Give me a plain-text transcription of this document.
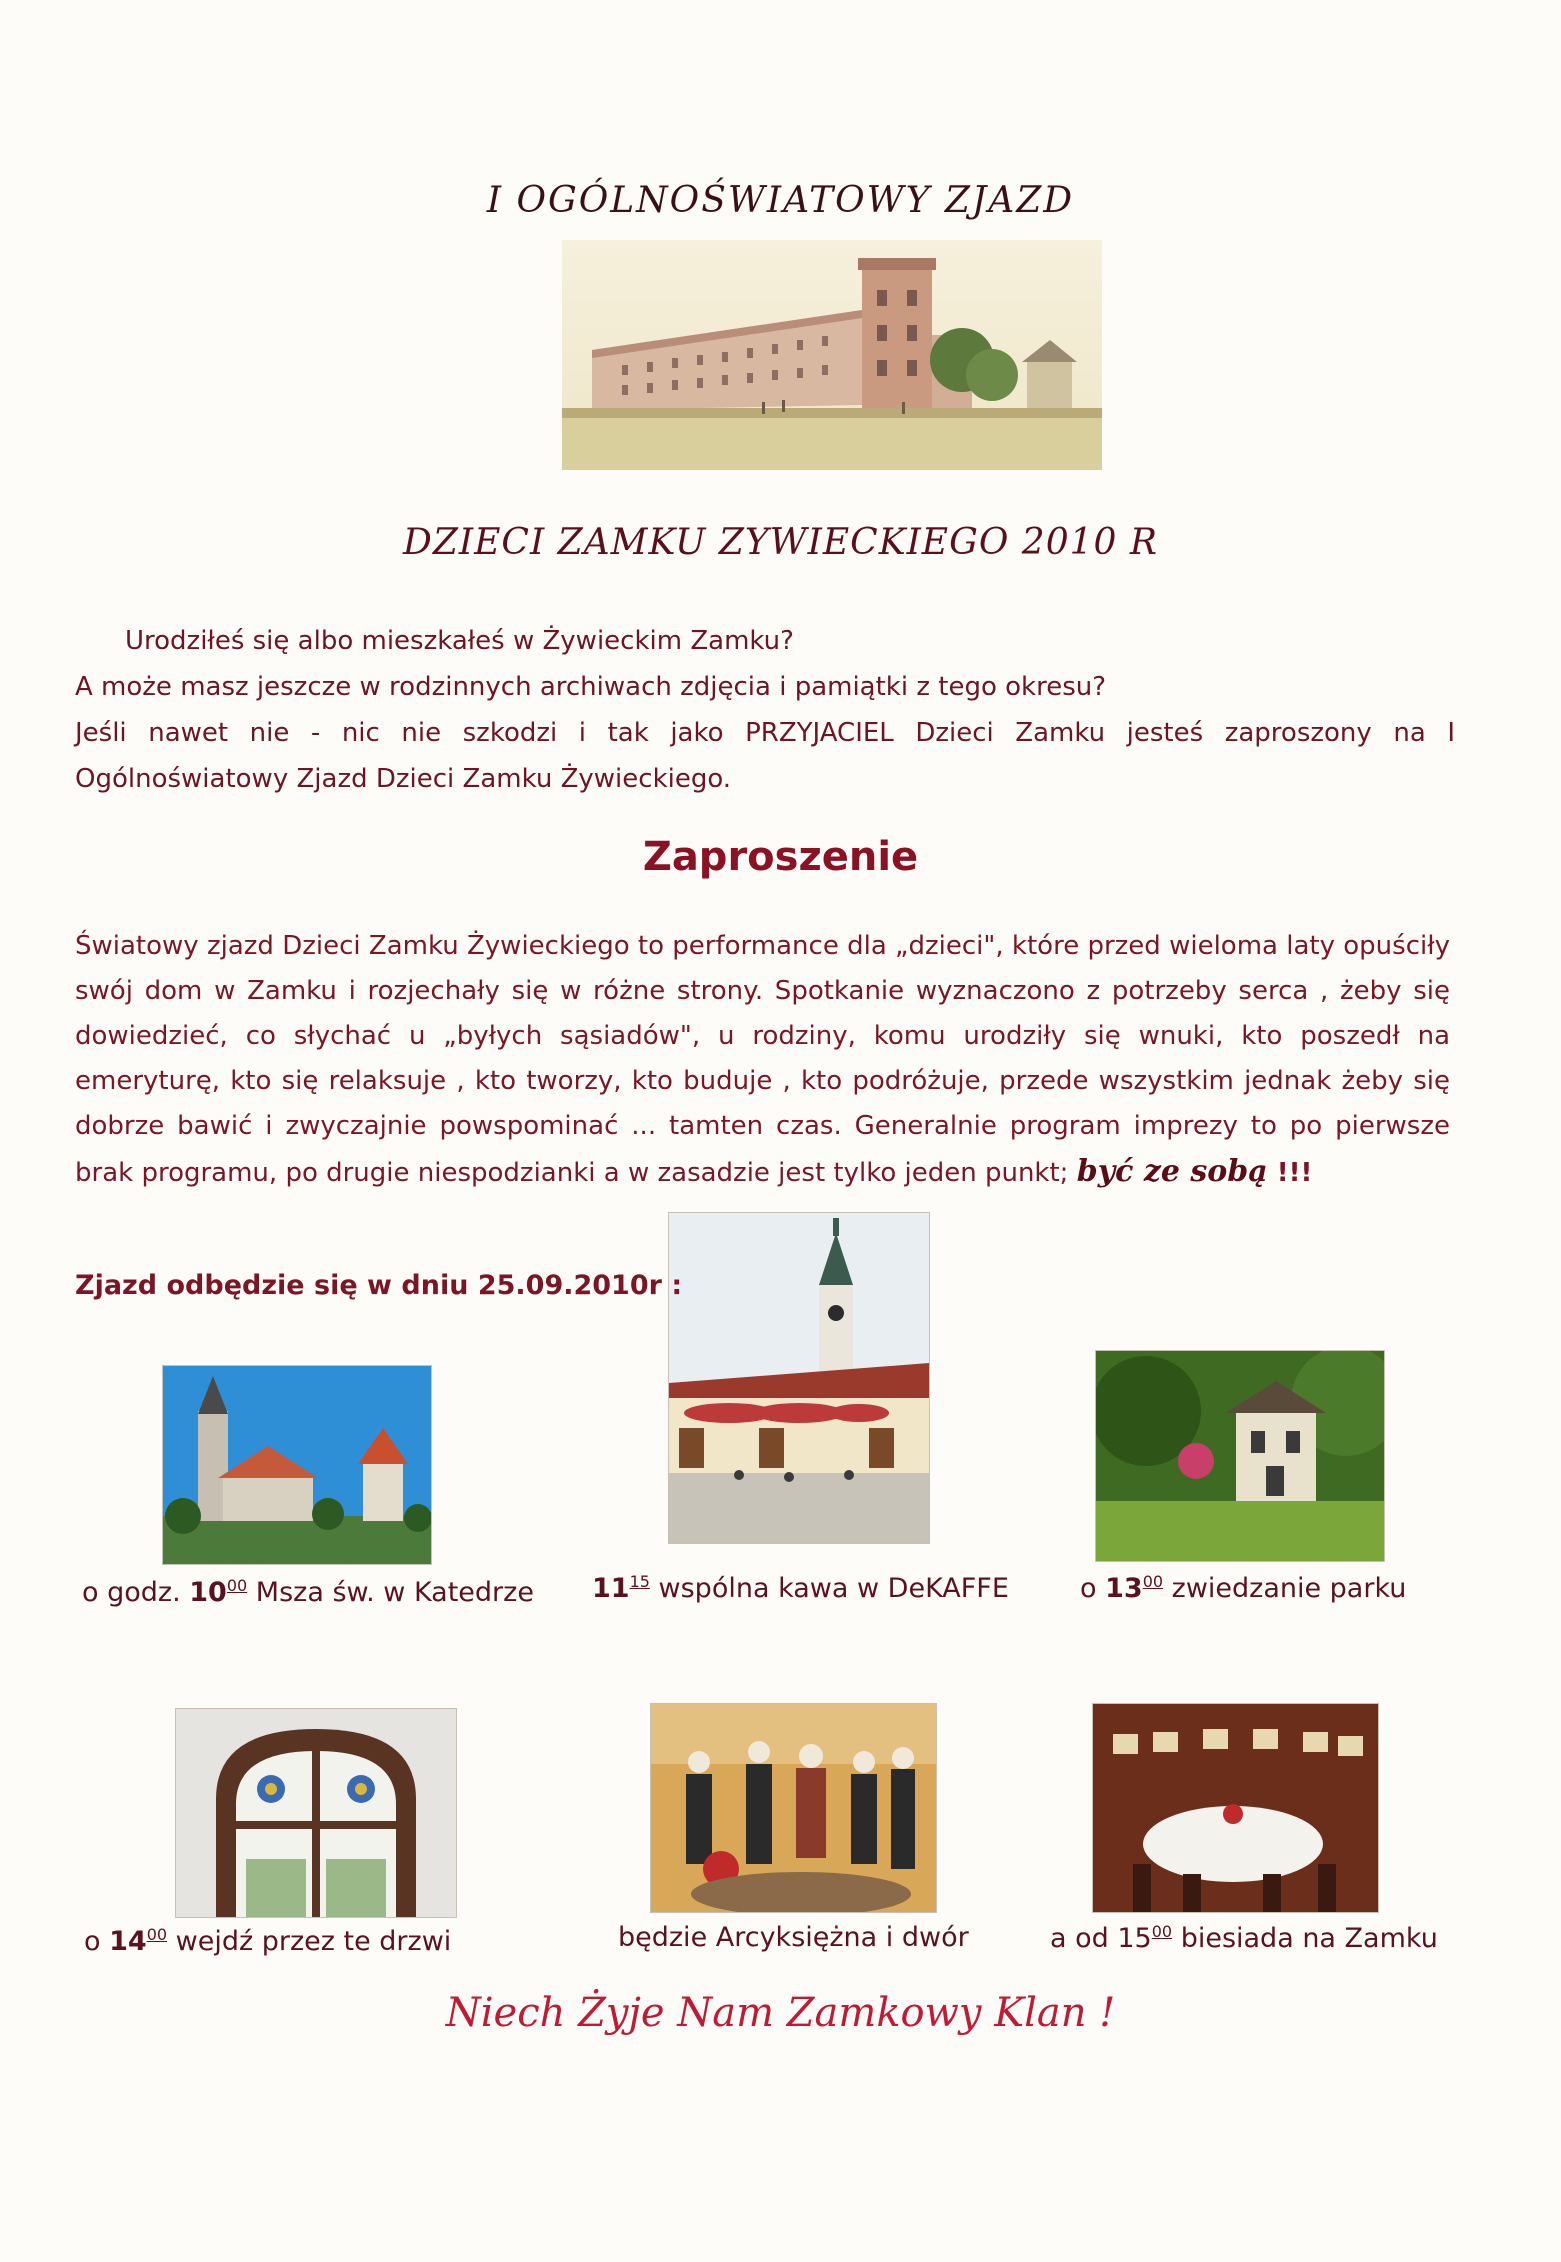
I OGÓLNOŚWIATOWY ZJAZD
DZIECI ZAMKU ZYWIECKIEGO 2010 R

Urodziłeś się albo mieszkałeś w Żywieckim Zamku?

A może masz jeszcze w rodzinnych archiwach zdjęcia i pamiątki z tego okresu?

Jeśli nawet nie - nic nie szkodzi i tak jako PRZYJACIEL Dzieci Zamku jesteś zaproszony na I Ogólnoświatowy Zjazd Dzieci Zamku Żywieckiego.

Zaproszenie
Światowy zjazd Dzieci Zamku Żywieckiego to performance dla „dzieci", które przed wieloma laty opuściły swój dom w Zamku i rozjechały się w różne strony. Spotkanie wyznaczono z potrzeby serca , żeby się dowiedzieć, co słychać u „byłych sąsiadów", u rodziny, komu urodziły się wnuki, kto poszedł na emeryturę, kto się relaksuje , kto tworzy, kto buduje , kto podróżuje, przede wszystkim jednak żeby się dobrze bawić i zwyczajnie powspominać ... tamten czas. Generalnie program imprezy to po pierwsze brak programu, po drugie niespodzianki a w zasadzie jest tylko jeden punkt; być ze sobą !!!
Zjazd odbędzie się w dniu 25.09.2010r :
o godz. $10^{00}$ Msza św. w Katedrze $11^{15}$ wspólna kawa w DeKAFFE	o $13^{00}$ zwiedzanie parku
o $14^{00}$ wejdź przez te drzwi	będzie Arcyksiężna i dwór	a od $15^{00}$ biesiada na Zamku
Niech Żyje Nam Zamkowy Klan !
